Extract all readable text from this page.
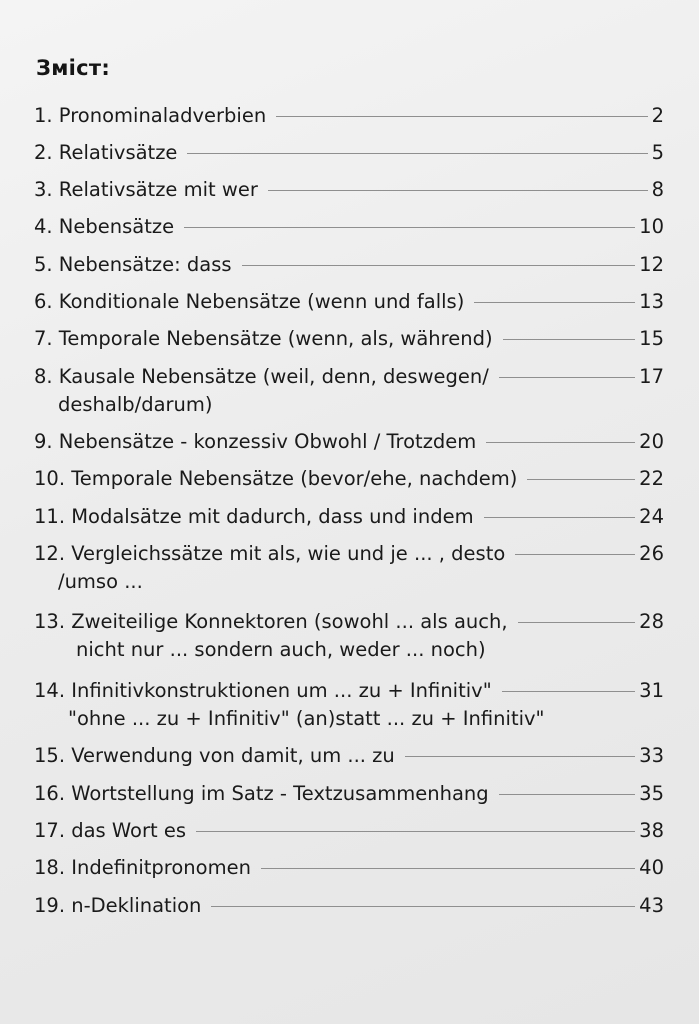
Зміст:
1. Pronominaladverbien	2
2. Relativsätze	5
3. Relativsätze mit wer	8
4. Nebensätze	10
5. Nebensätze: dass	12
6. Konditionale Nebensätze (wenn und falls)	13
7. Temporale Nebensätze (wenn, als, während)	15
8. Kausale Nebensätze (weil, denn, deswegen/	17
deshalb/darum)
9. Nebensätze - konzessiv Obwohl / Trotzdem	20
10. Temporale Nebensätze (bevor/ehe, nachdem)	22
11. Modalsätze mit dadurch, dass und indem	24
12. Vergleichssätze mit als, wie und je ... , desto	26
/umso ...
13. Zweiteilige Konnektoren (sowohl ... als auch,	28
nicht nur ... sondern auch, weder ... noch)
14. Infinitivkonstruktionen um ... zu + Infinitiv"	31
"ohne ... zu + Infinitiv" (an)statt ... zu + Infinitiv"
15. Verwendung von damit, um ... zu	33
16. Wortstellung im Satz - Textzusammenhang	35
17. das Wort es	38
18. Indefinitpronomen	40
19. n-Deklination	43
